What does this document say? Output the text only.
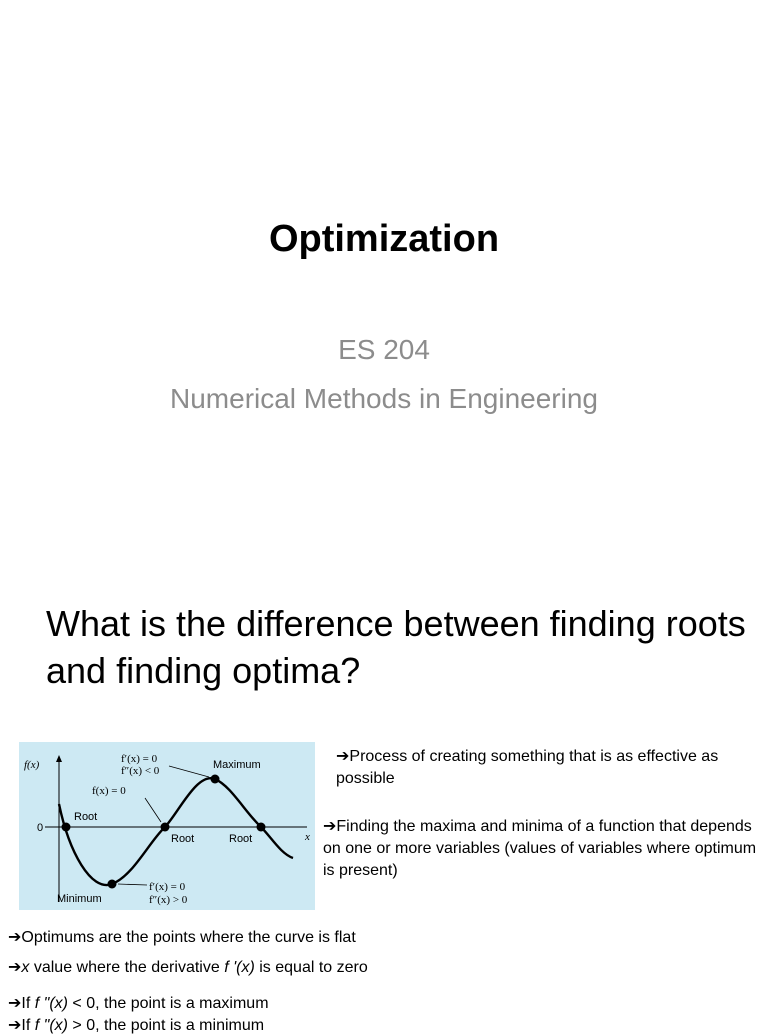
Optimization
ES 204
Numerical Methods in Engineering
What is the difference between finding roots and finding optima?
f(x)
x
0
f′(x) = 0
f″(x) < 0
f(x) = 0
Maximum
Root
Root	Root
Minimum
f′(x) = 0
f″(x) > 0
➔Process of creating something that is as effective as possible
➔Finding the maxima and minima of a function that depends on one or more variables (values of variables where optimum is present)
➔Optimums are the points where the curve is flat
➔x value where the derivative f '(x) is equal to zero
➔If f "(x) < 0, the point is a maximum
➔If f "(x) > 0, the point is a minimum
